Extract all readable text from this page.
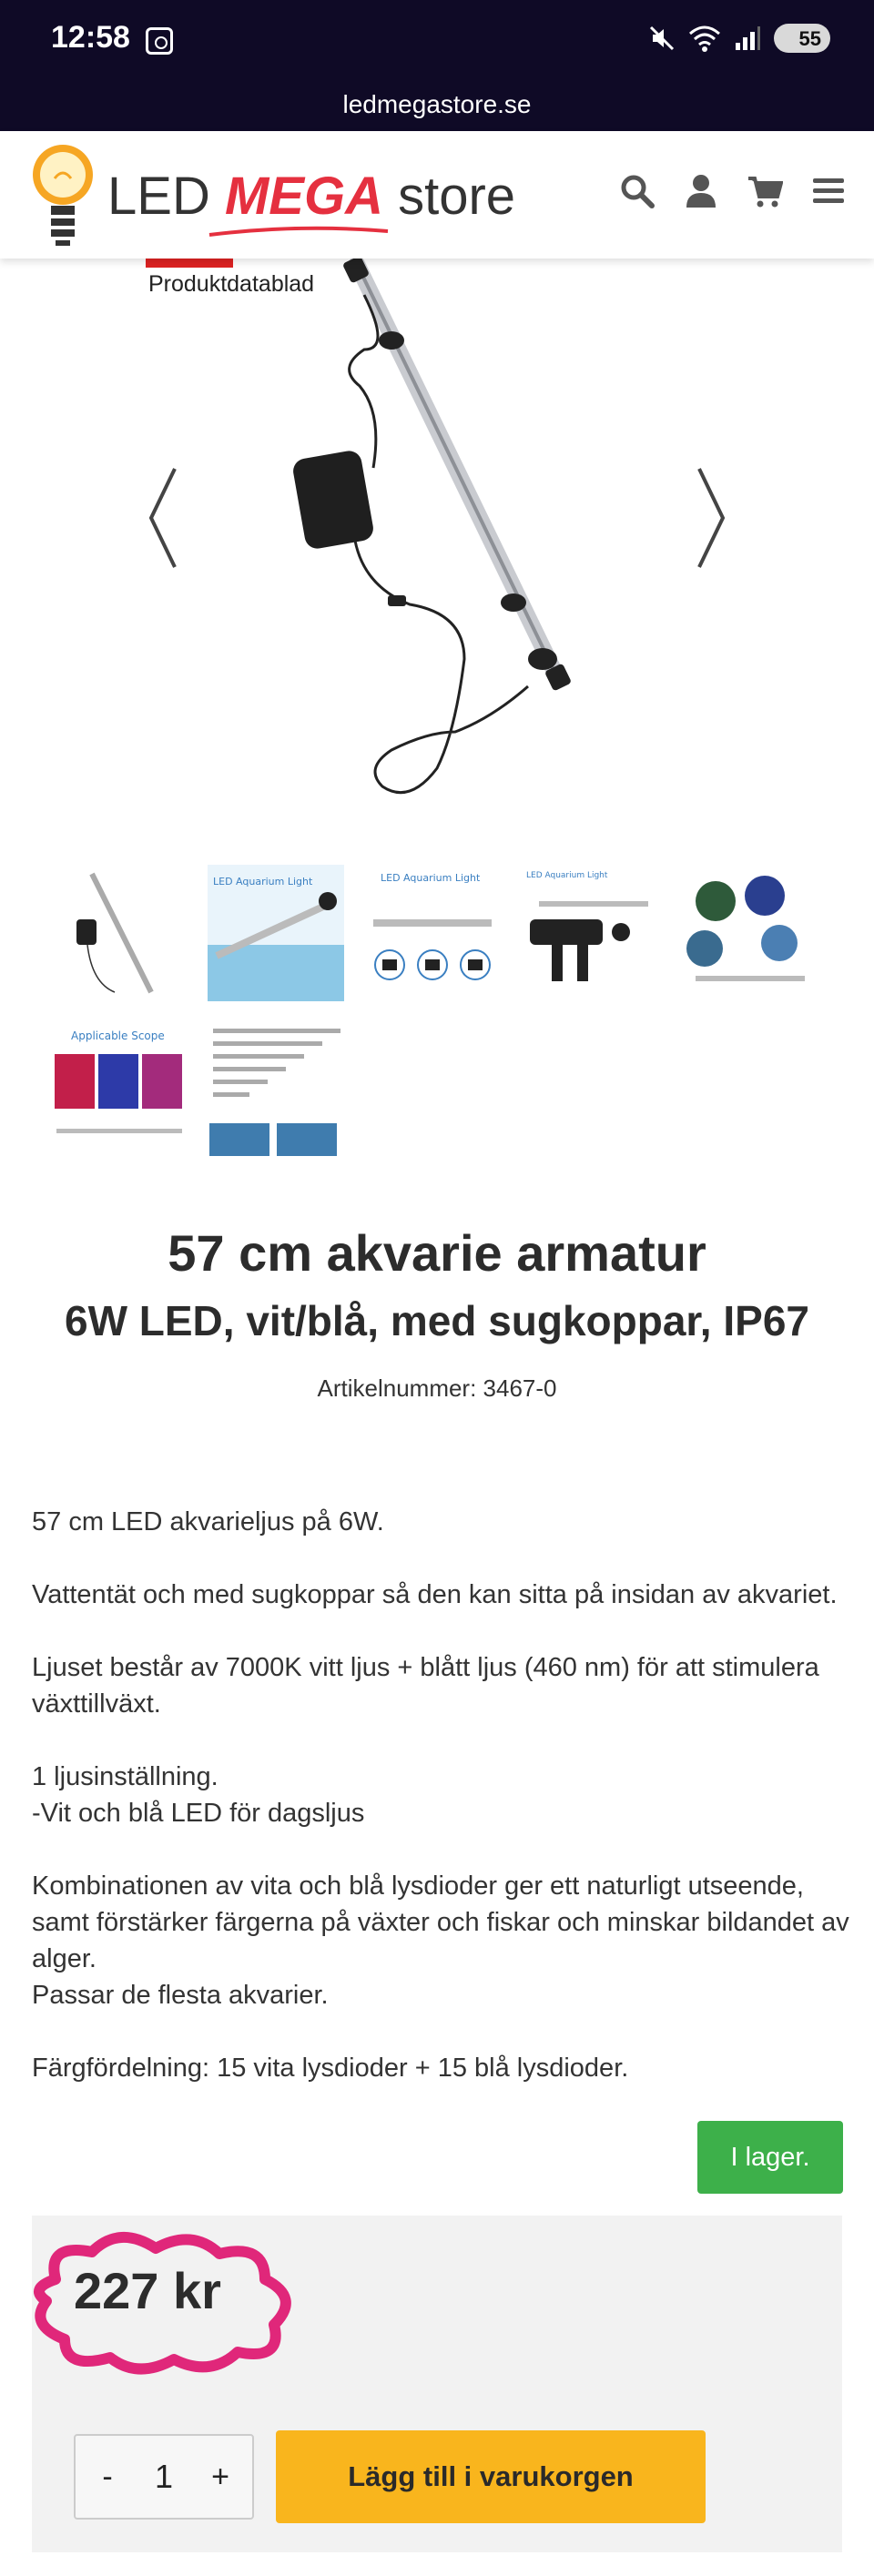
12:58	55
ledmegastore.se
LED MEGA store
Produktdatablad
LED Aquarium Light	LED Aquarium Light	LED Aquarium Light
Applicable Scope
57 cm akvarie armatur
6W LED, vit/blå, med sugkoppar, IP67
Artikelnummer: 3467-0

57 cm LED akvarieljus på 6W.

Vattentät och med sugkoppar så den kan sitta på insidan av akvariet.

Ljuset består av 7000K vitt ljus + blått ljus (460 nm) för att stimulera växttillväxt.

1 ljusinställning.

-Vit och blå LED för dagsljus

Kombinationen av vita och blå lysdioder ger ett naturligt utseende, samt förstärker färgerna på växter och fiskar och minskar bildandet av alger.

Passar de flesta akvarier.

Färgfördelning: 15 vita lysdioder + 15 blå lysdioder.

I lager.
227 kr
- 1 +	Lägg till i varukorgen
